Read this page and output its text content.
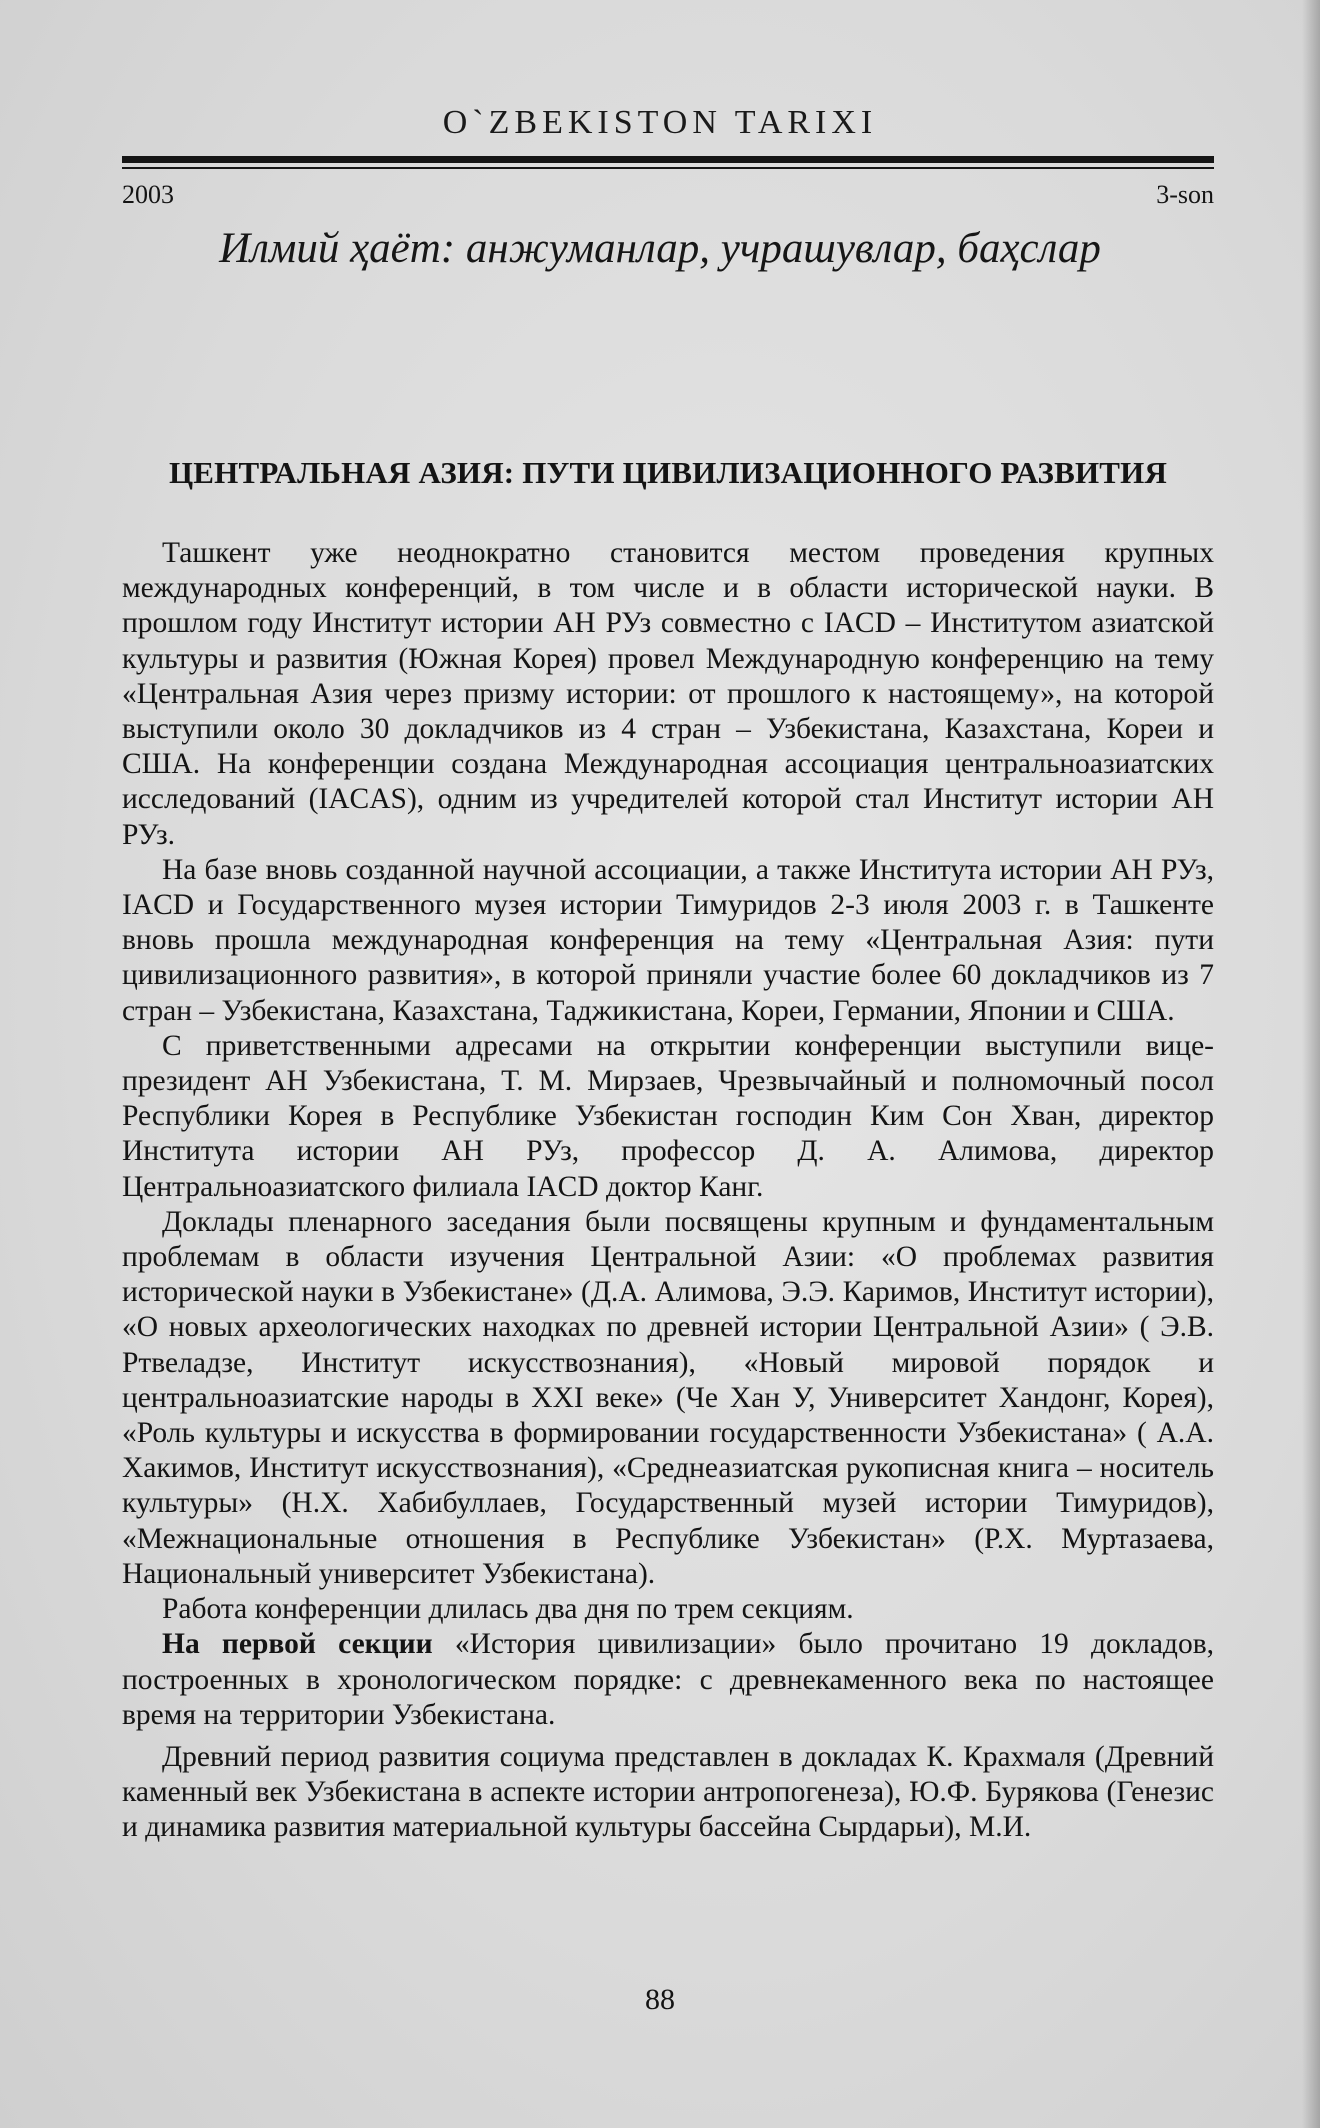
O`ZBEKISTON TARIXI
2003	3-son
Илмий ҳаёт: анжуманлар, учрашувлар, баҳслар
ЦЕНТРАЛЬНАЯ АЗИЯ: ПУТИ ЦИВИЛИЗАЦИОННОГО РАЗВИТИЯ

Ташкент уже неоднократно становится местом проведения крупных международных конференций, в том числе и в области исторической науки. В прошлом году Институт истории АН РУз совместно с IACD – Институтом азиатской культуры и развития (Южная Корея) провел Международную конференцию на тему «Центральная Азия через призму истории: от прошлого к настоящему», на которой выступили около 30 докладчиков из 4 стран – Узбекистана, Казахстана, Кореи и США. На конференции создана Международная ассоциация центральноазиатских исследований (IACAS), одним из учредителей которой стал Институт истории АН РУз.

На базе вновь созданной научной ассоциации, а также Института истории АН РУз, IACD и Государственного музея истории Тимуридов 2-3 июля 2003 г. в Ташкенте вновь прошла международная конференция на тему «Центральная Азия: пути цивилизационного развития», в которой приняли участие более 60 докладчиков из 7 стран – Узбекистана, Казахстана, Таджикистана, Кореи, Германии, Японии и США.

С приветственными адресами на открытии конференции выступили вице-президент АН Узбекистана, Т. М. Мирзаев, Чрезвычайный и полномочный посол Республики Корея в Республике Узбекистан господин Ким Сон Хван, директор Института истории АН РУз, профессор Д. А. Алимова, директор Центральноазиатского филиала IACD доктор Канг.

Доклады пленарного заседания были посвящены крупным и фундаментальным проблемам в области изучения Центральной Азии: «О проблемах развития исторической науки в Узбекистане» (Д.А. Алимова, Э.Э. Каримов, Институт истории), «О новых археологических находках по древней истории Центральной Азии» ( Э.В. Ртвеладзе, Институт искусствознания), «Новый мировой порядок и центральноазиатские народы в XXI веке» (Че Хан У, Университет Хандонг, Корея), «Роль культуры и искусства в формировании государственности Узбекистана» ( А.А. Хакимов, Институт искусствознания), «Среднеазиатская рукописная книга – носитель культуры» (Н.Х. Хабибуллаев, Государственный музей истории Тимуридов), «Межнациональные отношения в Республике Узбекистан» (Р.Х. Муртазаева, Национальный университет Узбекистана).

Работа конференции длилась два дня по трем секциям.

На первой секции «История цивилизации» было прочитано 19 докладов, построенных в хронологическом порядке: с древнекаменного века по настоящее время на территории Узбекистана.

Древний период развития социума представлен в докладах К. Крахмаля (Древний каменный век Узбекистана в аспекте истории антропогенеза), Ю.Ф. Бурякова (Генезис и динамика развития материальной культуры бассейна Сырдарьи), М.И.

88
